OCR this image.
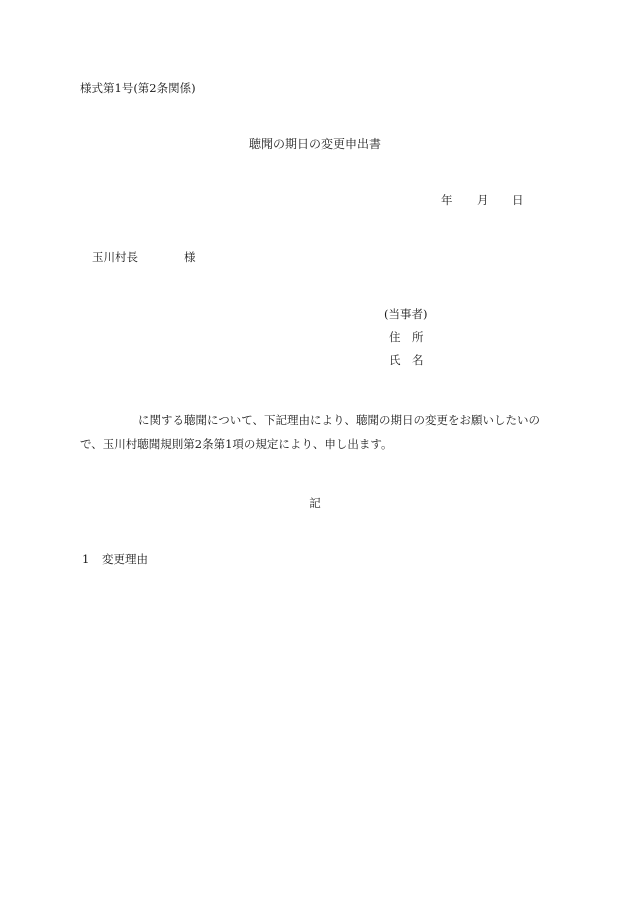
様式第1号(第2条関係)
聴聞の期日の変更申出書
年 月 日
玉川村長	様
(当事者)
住　所
氏　名
に関する聴聞について、下記理由により、聴聞の期日の変更をお願いしたいの
で、玉川村聴聞規則第2条第1項の規定により、申し出ます。
記
1 変更理由
